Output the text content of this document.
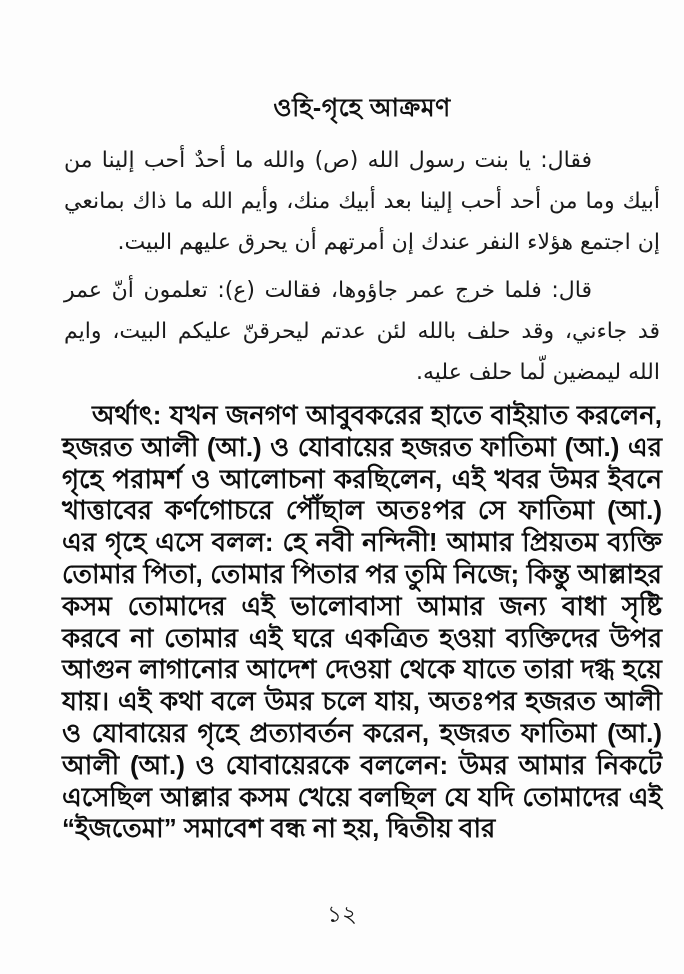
ওহি-গৃহে আক্রমণ

فقال: يا بنت رسول الله (ص) والله ما أحدٌ أحب إلينا من أبيك وما من أحد أحب إلينا بعد أبيك منك، وأيم الله ما ذاك بمانعي إن اجتمع هؤلاء النفر عندك إن أمرتهم أن يحرق عليهم البيت.

قال: فلما خرج عمر جاؤوها، فقالت (ع): تعلمون أنّ عمر قد جاءني، وقد حلف بالله لئن عدتم ليحرقنّ عليكم البيت، وايم الله ليمضين لّما حلف عليه.

অর্থাৎ: যখন জনগণ আবুবকরের হাতে বাইয়াত করলেন, হজরত আলী (আ.) ও যোবায়ের হজরত ফাতিমা (আ.) এর গৃহে পরামর্শ ও আলোচনা করছিলেন, এই খবর উমর ইবনে খাত্তাবের কর্ণগোচরে পৌঁছাল অতঃপর সে ফাতিমা (আ.) এর গৃহে এসে বলল: হে নবী নন্দিনী! আমার প্রিয়তম ব্যক্তি তোমার পিতা, তোমার পিতার পর তুমি নিজে; কিন্তু আল্লাহর কসম তোমাদের এই ভালোবাসা আমার জন্য বাধা সৃষ্টি করবে না তোমার এই ঘরে একত্রিত হওয়া ব্যক্তিদের উপর আগুন লাগানোর আদেশ দেওয়া থেকে যাতে তারা দগ্ধ হয়ে যায়। এই কথা বলে উমর চলে যায়, অতঃপর হজরত আলী ও যোবায়ের গৃহে প্রত্যাবর্তন করেন, হজরত ফাতিমা (আ.) আলী (আ.) ও যোবায়েরকে বললেন: উমর আমার নিকটে এসেছিল আল্লার কসম খেয়ে বলছিল যে যদি তোমাদের এই “ইজতেমা” সমাবেশ বন্ধ না হয়, দ্বিতীয় বার

১২
